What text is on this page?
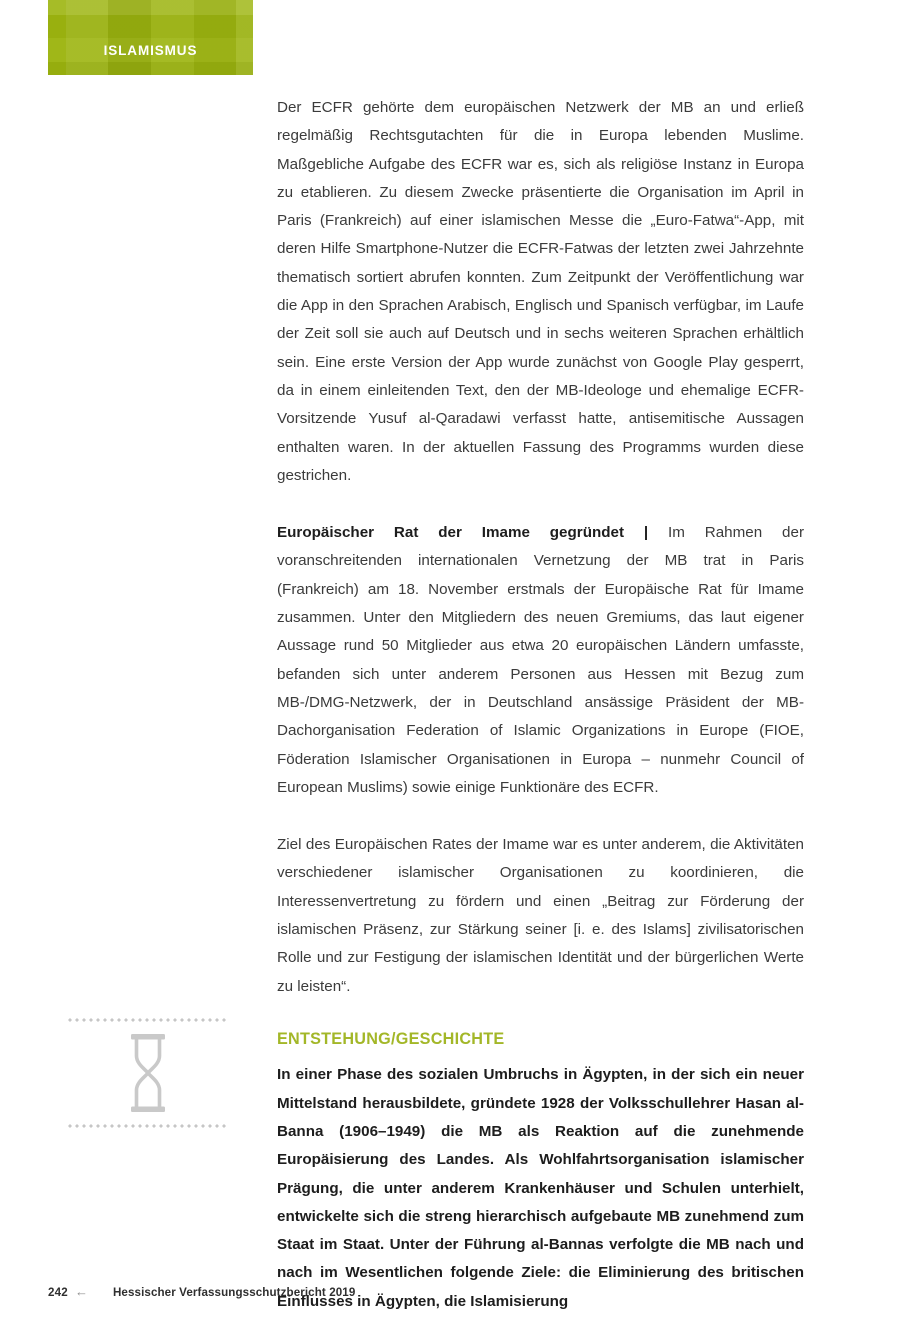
ISLAMISMUS

Der ECFR gehörte dem europäischen Netzwerk der MB an und erließ regelmäßig Rechtsgutachten für die in Europa lebenden Muslime. Maßgebliche Aufgabe des ECFR war es, sich als religiöse Instanz in Europa zu etablieren. Zu diesem Zwecke präsentierte die Organisation im April in Paris (Frankreich) auf einer islamischen Messe die „Euro-Fatwa“-App, mit deren Hilfe Smartphone-Nutzer die ECFR-Fatwas der letzten zwei Jahrzehnte thematisch sortiert abrufen konnten. Zum Zeitpunkt der Veröffentlichung war die App in den Sprachen Arabisch, Englisch und Spanisch verfügbar, im Laufe der Zeit soll sie auch auf Deutsch und in sechs weiteren Sprachen erhältlich sein. Eine erste Version der App wurde zunächst von Google Play gesperrt, da in einem einleitenden Text, den der MB-Ideologe und ehemalige ECFR-Vorsitzende Yusuf al-Qaradawi verfasst hatte, antisemitische Aussagen enthalten waren. In der aktuellen Fassung des Programms wurden diese gestrichen.

Europäischer Rat der Imame gegründet | Im Rahmen der voranschreitenden internationalen Vernetzung der MB trat in Paris (Frankreich) am 18. November erstmals der Europäische Rat für Imame zusammen. Unter den Mitgliedern des neuen Gremiums, das laut eigener Aussage rund 50 Mitglieder aus etwa 20 europäischen Ländern umfasste, befanden sich unter anderem Personen aus Hessen mit Bezug zum MB-/DMG-Netzwerk, der in Deutschland ansässige Präsident der MB-Dachorganisation Federation of Islamic Organizations in Europe (FIOE, Föderation Islamischer Organisationen in Europa – nunmehr Council of European Muslims) sowie einige Funktionäre des ECFR.

Ziel des Europäischen Rates der Imame war es unter anderem, die Aktivitäten verschiedener islamischer Organisationen zu koordinieren, die Interessenvertretung zu fördern und einen „Beitrag zur Förderung der islamischen Präsenz, zur Stärkung seiner [i. e. des Islams] zivilisatorischen Rolle und zur Festigung der islamischen Identität und der bürgerlichen Werte zu leisten“.

ENTSTEHUNG/GESCHICHTE

In einer Phase des sozialen Umbruchs in Ägypten, in der sich ein neuer Mittelstand herausbildete, gründete 1928 der Volksschullehrer Hasan al-Banna (1906–1949) die MB als Reaktion auf die zunehmende Europäisierung des Landes. Als Wohlfahrtsorganisation islamischer Prägung, die unter anderem Krankenhäuser und Schulen unterhielt, entwickelte sich die streng hierarchisch aufgebaute MB zunehmend zum Staat im Staat. Unter der Führung al-Bannas verfolgte die MB nach und nach im Wesentlichen folgende Ziele: die Eliminierung des britischen Einflusses in Ägypten, die Islamisierung

242 ← Hessischer Verfassungsschutzbericht 2019
